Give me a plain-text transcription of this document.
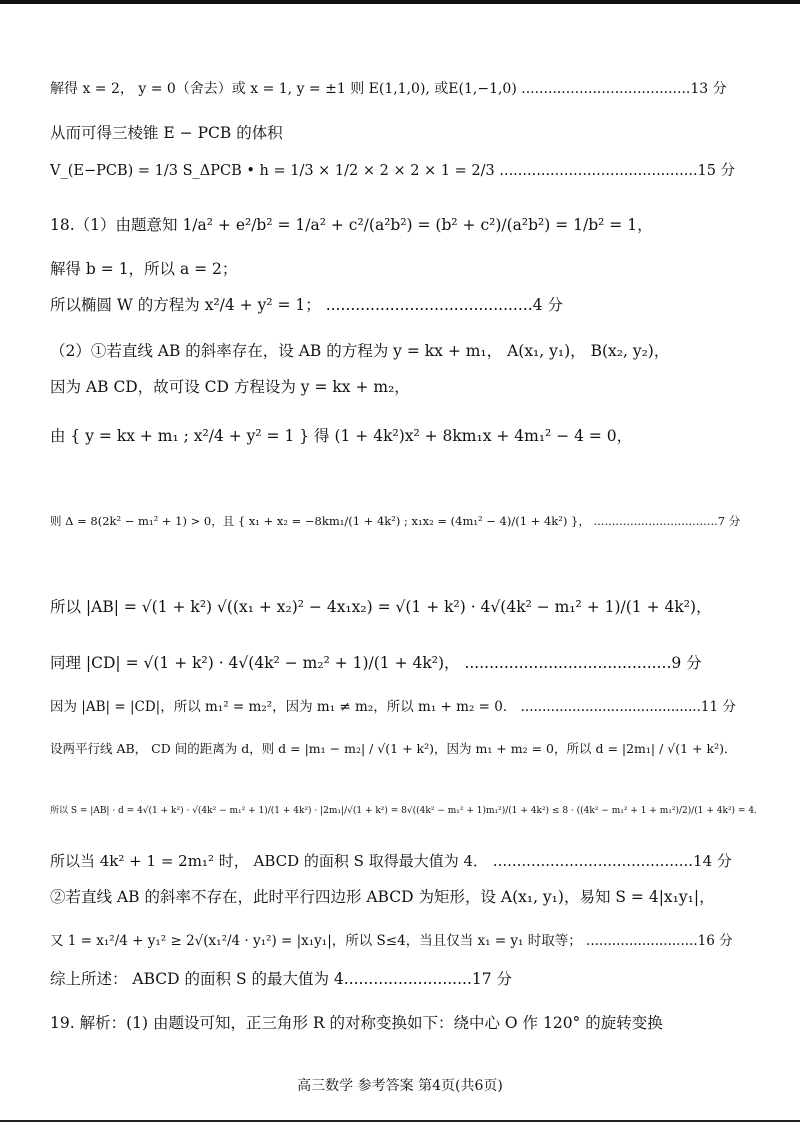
解得 x = 2， y = 0（舍去）或 x = 1, y = ±1 则 E(1,1,0), 或E(1,−1,0) ......................................13 分
从而可得三棱锥 E − PCB 的体积
V_(E−PCB) = 1/3 S_ΔPCB • h = 1/3 × 1/2 × 2 × 2 × 1 = 2/3 ...........................................15 分
18.（1）由题意知 1/a² + e²/b² = 1/a² + c²/(a²b²) = (b² + c²)/(a²b²) = 1/b² = 1，
解得 b = 1，所以 a = 2；
所以椭圆 W 的方程为 x²/4 + y² = 1； ..........................................4 分
（2）①若直线 AB 的斜率存在，设 AB 的方程为 y = kx + m₁， A(x₁, y₁)， B(x₂, y₂)，
因为 AB CD，故可设 CD 方程设为 y = kx + m₂，
由 { y = kx + m₁ ; x²/4 + y² = 1 } 得 (1 + 4k²)x² + 8km₁x + 4m₁² − 4 = 0，
则 Δ = 8(2k² − m₁² + 1) > 0，且 { x₁ + x₂ = −8km₁/(1 + 4k²) ; x₁x₂ = (4m₁² − 4)/(1 + 4k²) }， ..................................7 分
所以 |AB| = √(1 + k²) √((x₁ + x₂)² − 4x₁x₂) = √(1 + k²) · 4√(4k² − m₁² + 1)/(1 + 4k²)，
同理 |CD| = √(1 + k²) · 4√(4k² − m₂² + 1)/(1 + 4k²)， ..........................................9 分
因为 |AB| = |CD|，所以 m₁² = m₂²，因为 m₁ ≠ m₂，所以 m₁ + m₂ = 0． ..........................................11 分
设两平行线 AB， CD 间的距离为 d，则 d = |m₁ − m₂| / √(1 + k²)，因为 m₁ + m₂ = 0，所以 d = |2m₁| / √(1 + k²)．
所以 S = |AB| · d = 4√(1 + k²) · √(4k² − m₁² + 1)/(1 + 4k²) · |2m₁|/√(1 + k²) = 8√((4k² − m₁² + 1)m₁²)/(1 + 4k²) ≤ 8 · ((4k² − m₁² + 1 + m₁²)/2)/(1 + 4k²) = 4．
所以当 4k² + 1 = 2m₁² 时， ABCD 的面积 S 取得最大值为 4． ..........................................14 分
②若直线 AB 的斜率不存在，此时平行四边形 ABCD 为矩形，设 A(x₁, y₁)，易知 S = 4|x₁y₁|，
又 1 = x₁²/4 + y₁² ≥ 2√(x₁²/4 · y₁²) = |x₁y₁|，所以 S≤4，当且仅当 x₁ = y₁ 时取等； ..........................16 分
综上所述： ABCD 的面积 S 的最大值为 4..........................17 分
19. 解析：(1) 由题设可知，正三角形 R 的对称变换如下：绕中心 O 作 120° 的旋转变换
高三数学 参考答案 第4页(共6页)
